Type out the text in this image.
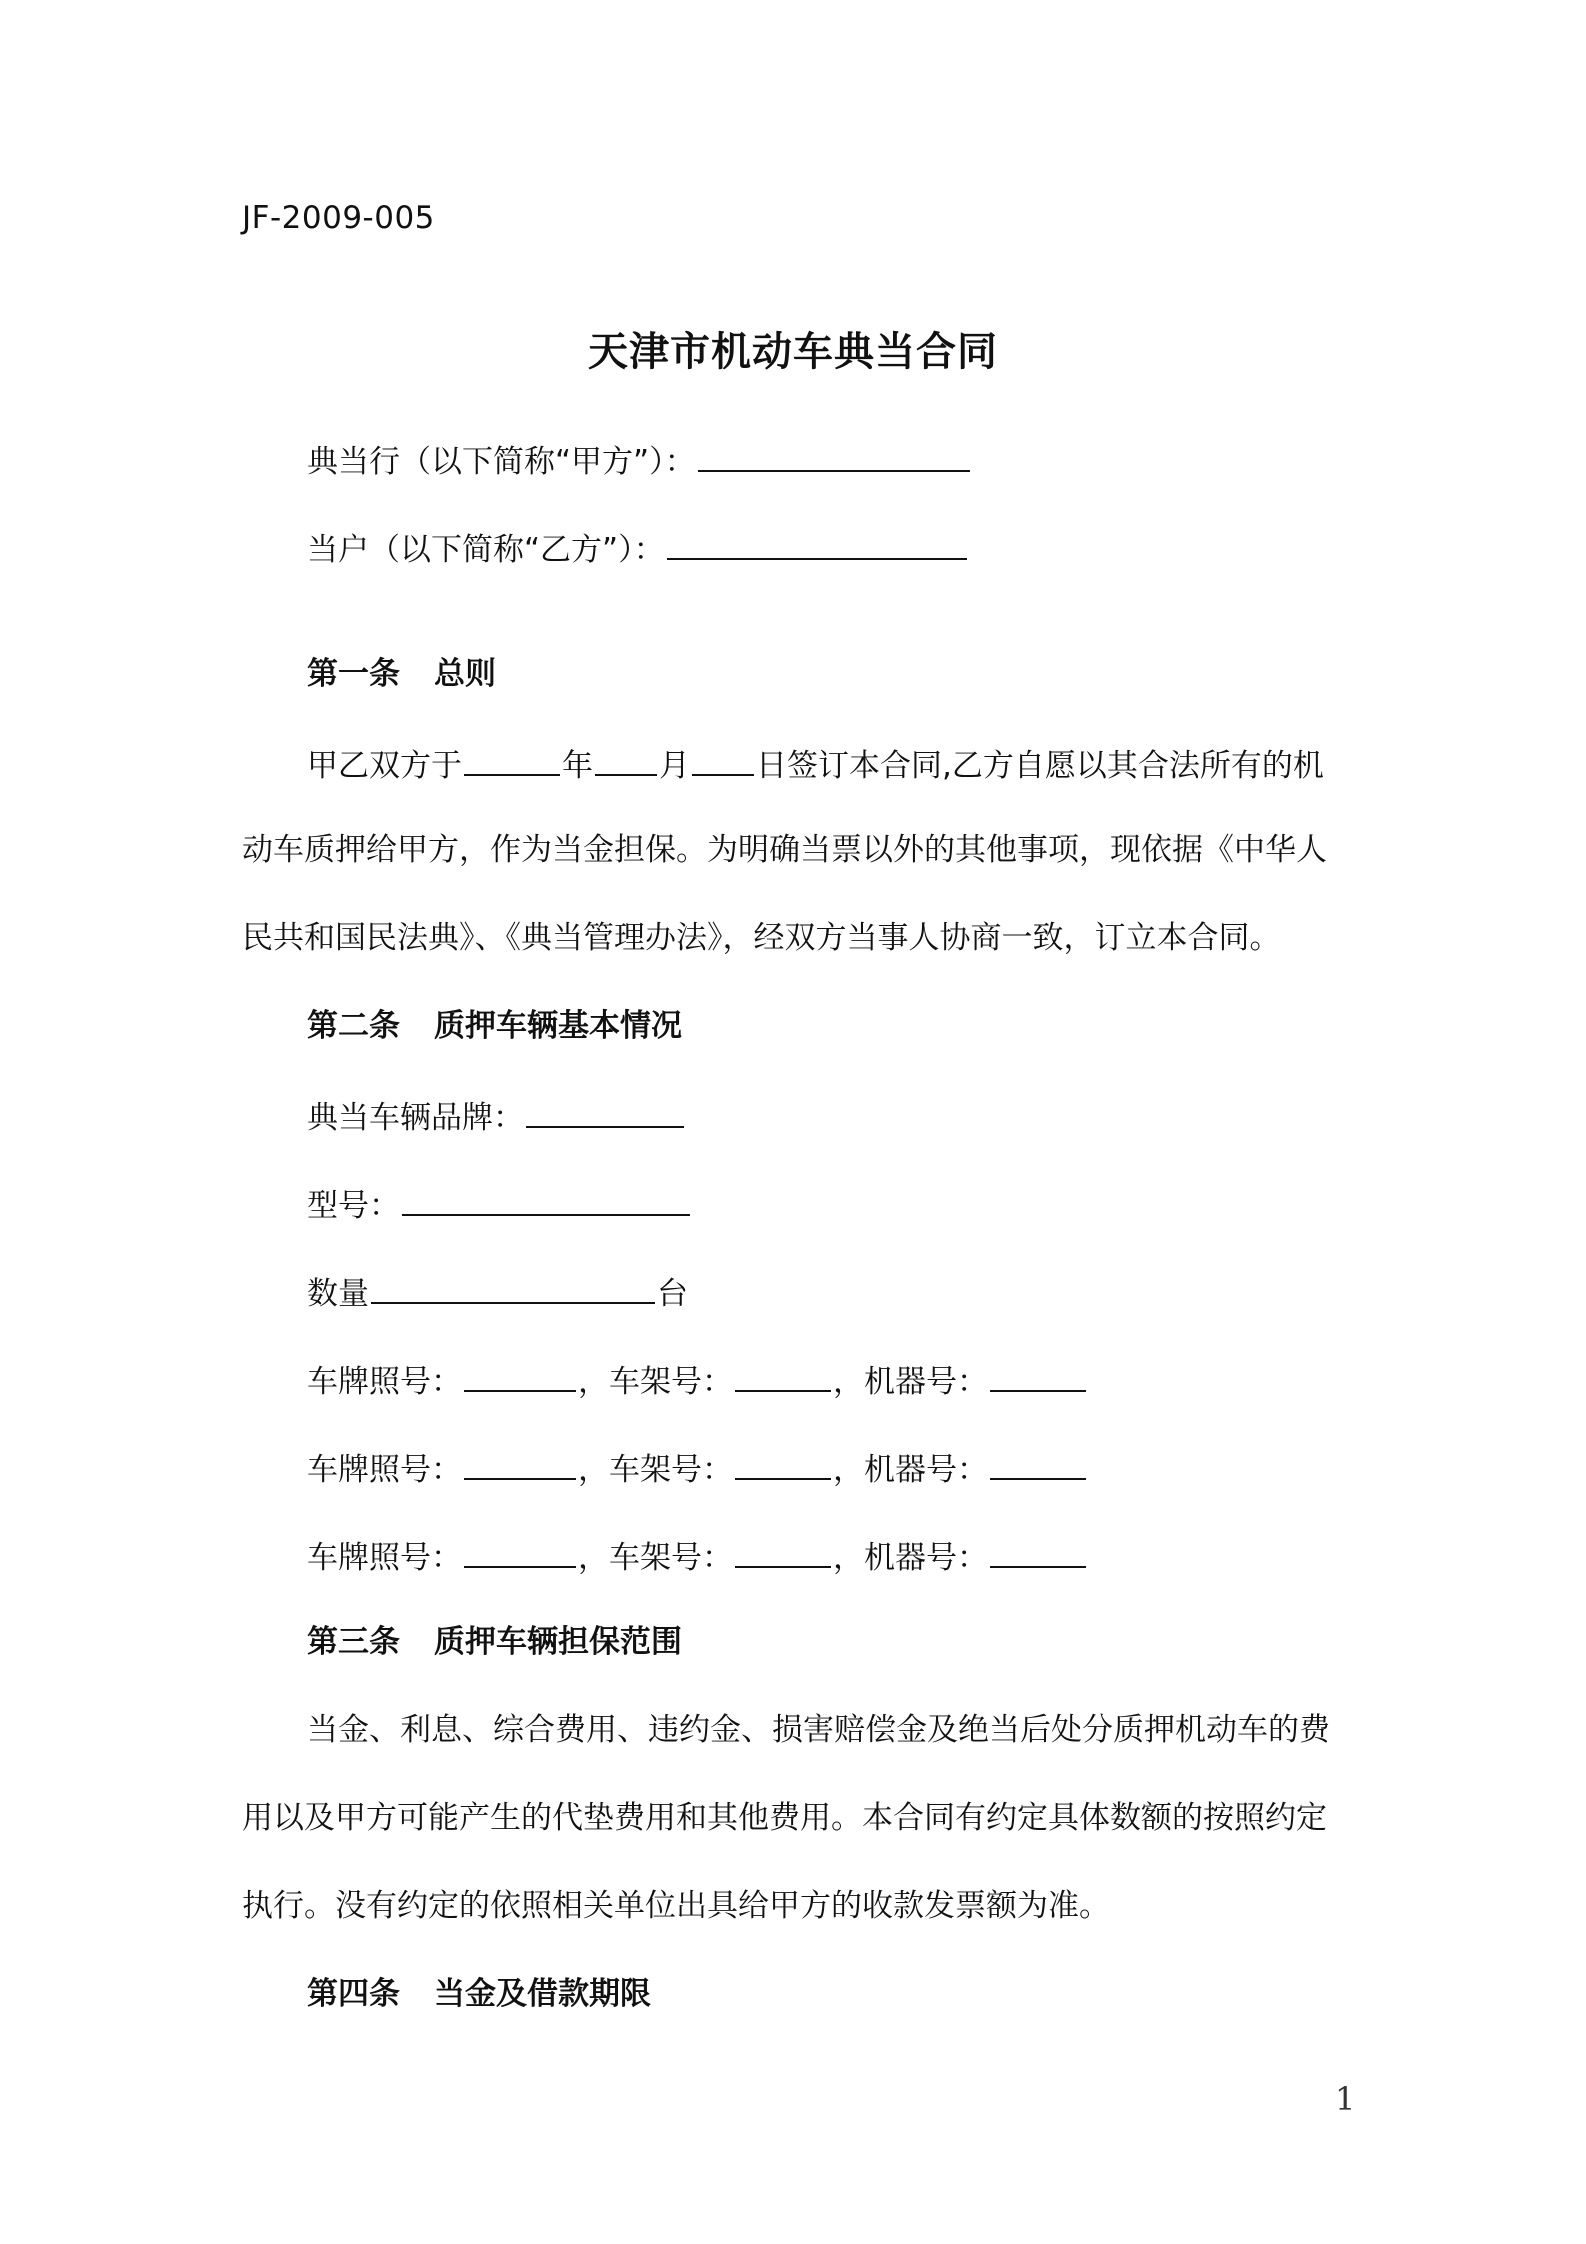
JF-2009-005
天津市机动车典当合同
典当行（以下简称“甲方”）：
当户（以下简称“乙方”）：
第一条 总则
甲乙双方于	年 月 日签订本合同,乙方自愿以其合法所有的机
动车质押给甲方，作为当金担保。为明确当票以外的其他事项，现依据《中华人
民共和国民法典》、《典当管理办法》，经双方当事人协商一致，订立本合同。
第二条 质押车辆基本情况
典当车辆品牌：
型号：
数量	台
车牌照号：	，车架号：	，机器号：
车牌照号：	，车架号：	，机器号：
车牌照号：	，车架号：	，机器号：
第三条 质押车辆担保范围
当金、利息、综合费用、违约金、损害赔偿金及绝当后处分质押机动车的费
用以及甲方可能产生的代垫费用和其他费用。本合同有约定具体数额的按照约定
执行。没有约定的依照相关单位出具给甲方的收款发票额为准。
第四条 当金及借款期限
1
